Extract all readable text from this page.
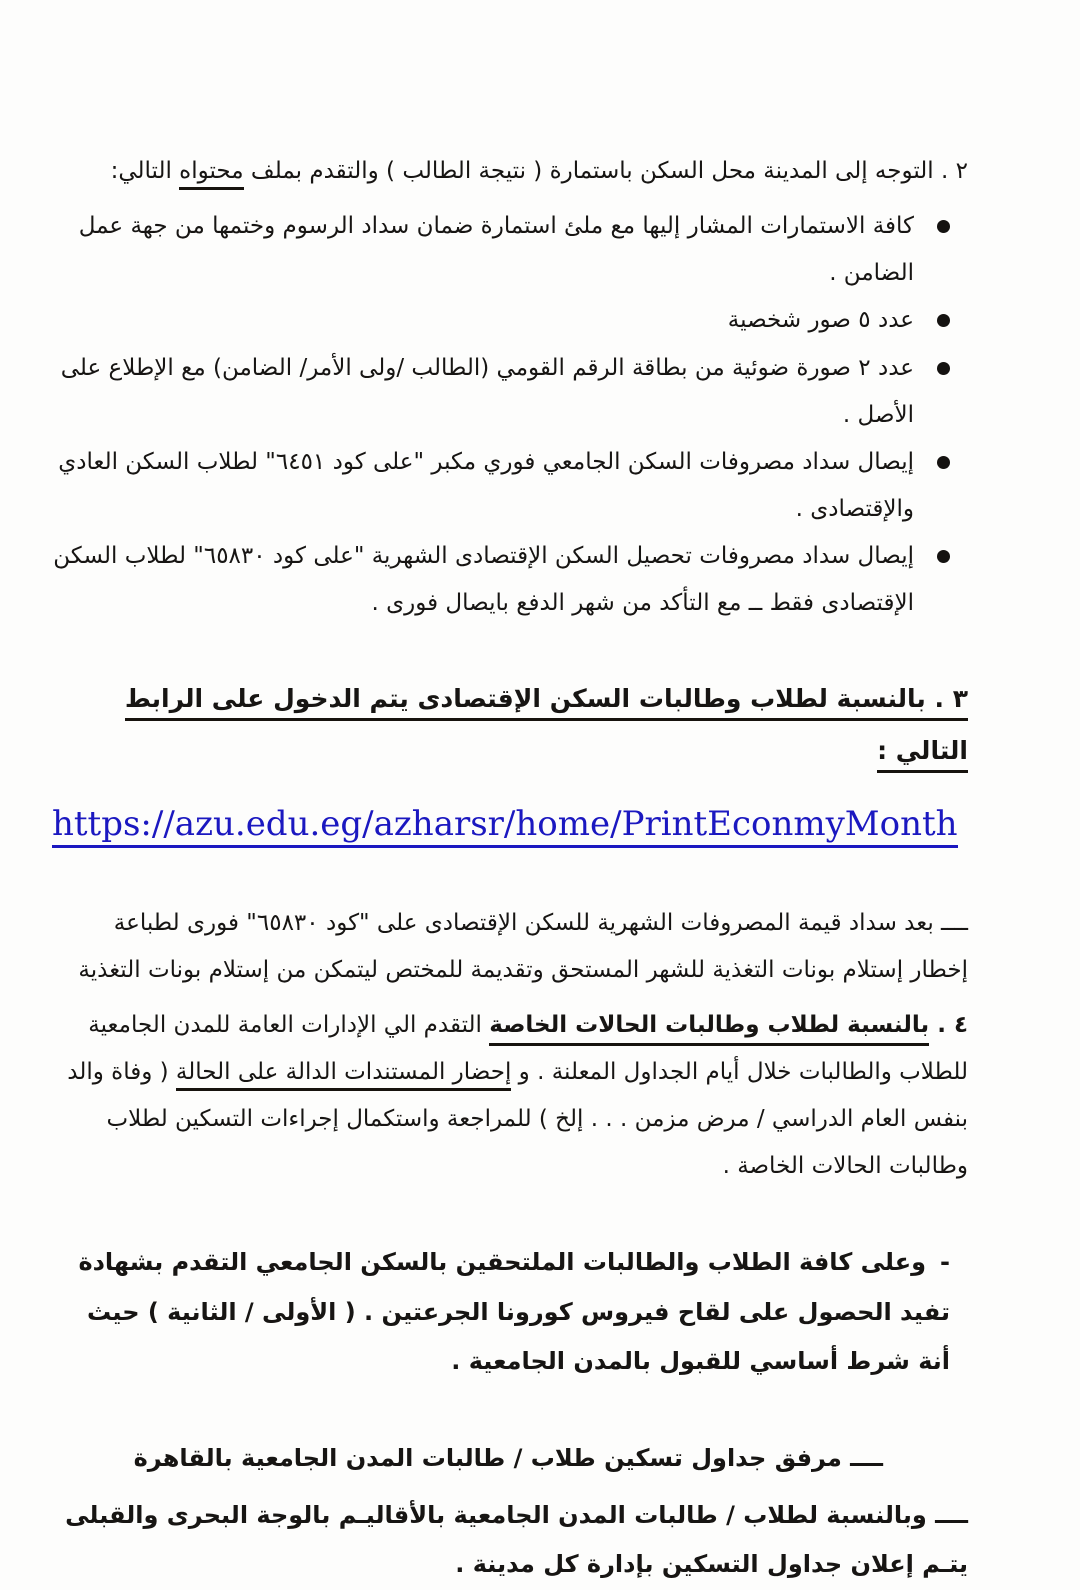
٢ . التوجه إلى المدينة محل السكن باستمارة ( نتيجة الطالب ) والتقدم بملف محتواه التالي:

كافة الاستمارات المشار إليها مع ملئ استمارة ضمان سداد الرسوم وختمها من جهة عمل الضامن .
عدد ٥ صور شخصية
عدد ٢ صورة ضوئية من بطاقة الرقم القومي (الطالب /ولى الأمر/ الضامن) مع الإطلاع على الأصل .
إيصال سداد مصروفات السكن الجامعي فوري مكبر "على كود ٦٤٥١" لطلاب السكن العادي والإقتصادى .
إيصال سداد مصروفات تحصيل السكن الإقتصادى الشهرية "على كود ٦٥٨٣٠" لطلاب السكن الإقتصادى فقط ــ مع التأكد من شهر الدفع بايصال فورى .

٣ . بالنسبة لطلاب وطالبات السكن الإقتصادى يتم الدخول على الرابط التالي :

https://azu.edu.eg/azharsr/home/PrintEconmyMonth

ــــ بعد سداد قيمة المصروفات الشهرية للسكن الإقتصادى على "كود ٦٥٨٣٠" فورى لطباعة إخطار إستلام بونات التغذية للشهر المستحق وتقديمة للمختص ليتمكن من إستلام بونات التغذية

٤ . بالنسبة لطلاب وطالبات الحالات الخاصة التقدم الي الإدارات العامة للمدن الجامعية للطلاب والطالبات خلال أيام الجداول المعلنة . و إحضار المستندات الدالة على الحالة ( وفاة والد بنفس العام الدراسي / مرض مزمن . . . إلخ ) للمراجعة واستكمال إجراءات التسكين لطلاب وطالبات الحالات الخاصة .

-وعلى كافة الطلاب والطالبات الملتحقين بالسكن الجامعي التقدم بشهادة تفيد الحصول على لقاح فيروس كورونا الجرعتين . ( الأولى / الثانية ) حيث أنة شرط أساسي للقبول بالمدن الجامعية .

ــــ مرفق جداول تسكين طلاب / طالبات المدن الجامعية بالقاهرة

ــــ وبالنسبة لطلاب / طالبات المدن الجامعية بالأقاليـم بالوجة البحرى والقبلى يتـم إعلان جداول التسكين بإدارة كل مدينة .
